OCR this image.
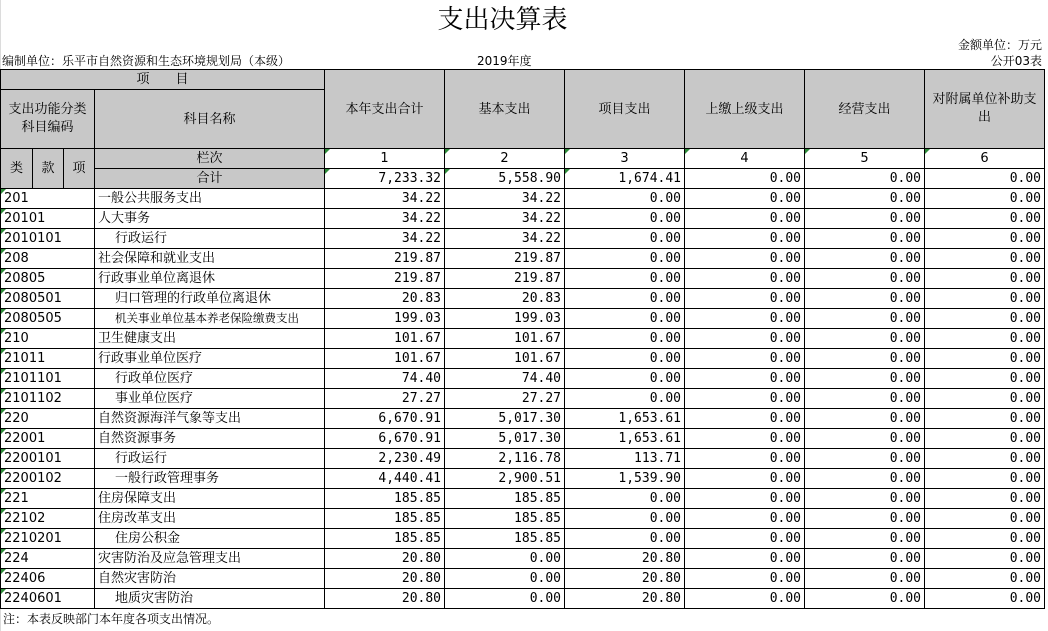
支出决算表
金额单位：万元
编制单位：乐平市自然资源和生态环境规划局（本级）	2019年度	公开03表
项　　目				本年支出合计	基本支出	项目支出	上缴上级支出	经营支出	对附属单位补助支出
支出功能分类科目编码			科目名称						

类	款	项	栏次	1	2	3	4	5	6
			合计	7,233.32	5,558.90	1,674.41	0.00	0.00	0.00
201			一般公共服务支出	34.22	34.22	0.00	0.00	0.00	0.00
20101			人大事务	34.22	34.22	0.00	0.00	0.00	0.00
2010101			行政运行	34.22	34.22	0.00	0.00	0.00	0.00
208			社会保障和就业支出	219.87	219.87	0.00	0.00	0.00	0.00
20805			行政事业单位离退休	219.87	219.87	0.00	0.00	0.00	0.00
2080501			归口管理的行政单位离退休	20.83	20.83	0.00	0.00	0.00	0.00
2080505			机关事业单位基本养老保险缴费支出	199.03	199.03	0.00	0.00	0.00	0.00
210			卫生健康支出	101.67	101.67	0.00	0.00	0.00	0.00
21011			行政事业单位医疗	101.67	101.67	0.00	0.00	0.00	0.00
2101101			行政单位医疗	74.40	74.40	0.00	0.00	0.00	0.00
2101102			事业单位医疗	27.27	27.27	0.00	0.00	0.00	0.00
220			自然资源海洋气象等支出	6,670.91	5,017.30	1,653.61	0.00	0.00	0.00
22001			自然资源事务	6,670.91	5,017.30	1,653.61	0.00	0.00	0.00
2200101			行政运行	2,230.49	2,116.78	113.71	0.00	0.00	0.00
2200102			一般行政管理事务	4,440.41	2,900.51	1,539.90	0.00	0.00	0.00
221			住房保障支出	185.85	185.85	0.00	0.00	0.00	0.00
22102			住房改革支出	185.85	185.85	0.00	0.00	0.00	0.00
2210201			住房公积金	185.85	185.85	0.00	0.00	0.00	0.00
224			灾害防治及应急管理支出	20.80	0.00	20.80	0.00	0.00	0.00
22406			自然灾害防治	20.80	0.00	20.80	0.00	0.00	0.00
2240601			地质灾害防治	20.80	0.00	20.80	0.00	0.00	0.00
注：本表反映部门本年度各项支出情况。
